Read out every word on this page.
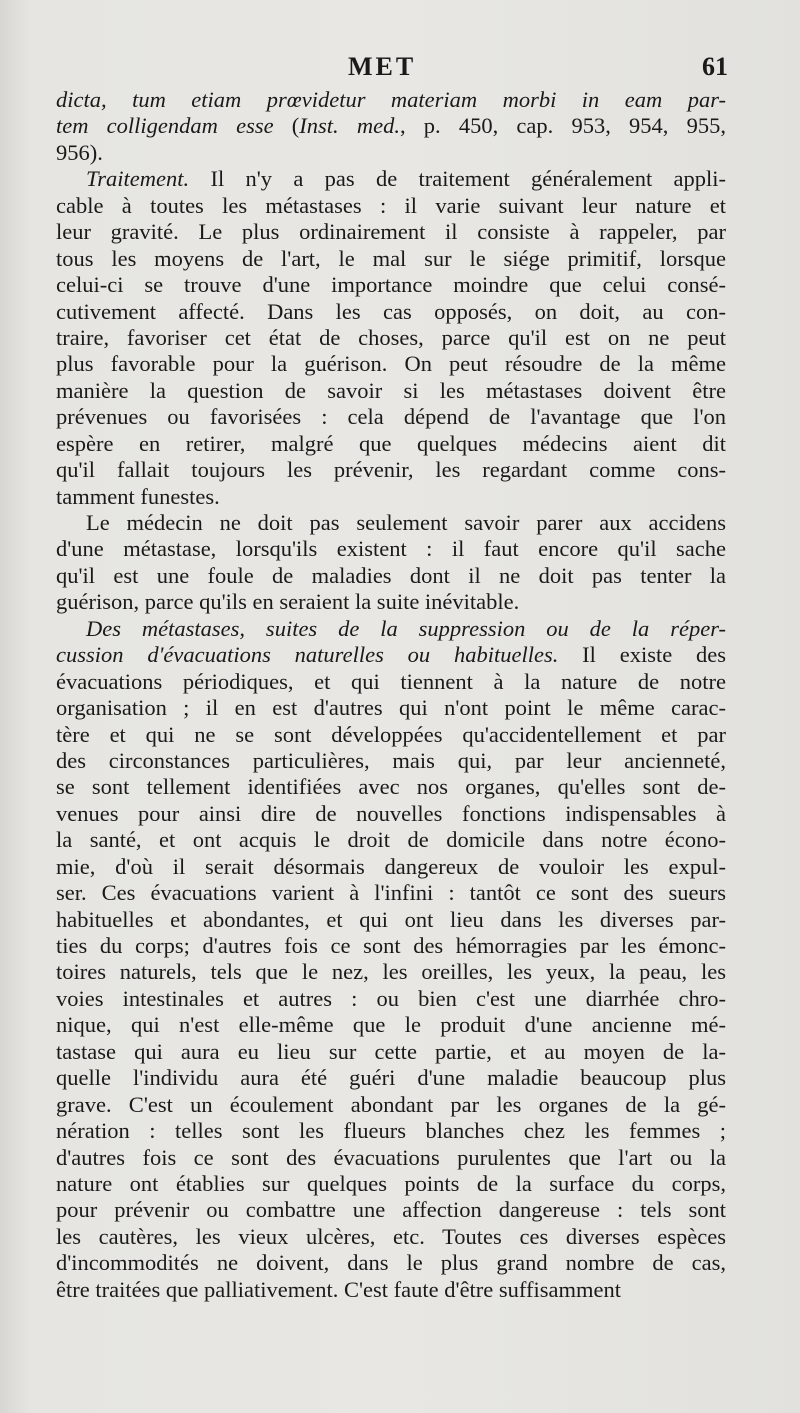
MET	61
dicta, tum etiam prœvidetur materiam morbi in eam par-
tem colligendam esse (Inst. med., p. 450, cap. 953, 954, 955,
956).
Traitement. Il n'y a pas de traitement généralement appli-
cable à toutes les métastases : il varie suivant leur nature et
leur gravité. Le plus ordinairement il consiste à rappeler, par
tous les moyens de l'art, le mal sur le siége primitif, lorsque
celui-ci se trouve d'une importance moindre que celui consé-
cutivement affecté. Dans les cas opposés, on doit, au con-
traire, favoriser cet état de choses, parce qu'il est on ne peut
plus favorable pour la guérison. On peut résoudre de la même
manière la question de savoir si les métastases doivent être
prévenues ou favorisées : cela dépend de l'avantage que l'on
espère en retirer, malgré que quelques médecins aient dit
qu'il fallait toujours les prévenir, les regardant comme cons-
tamment funestes.
Le médecin ne doit pas seulement savoir parer aux accidens
d'une métastase, lorsqu'ils existent : il faut encore qu'il sache
qu'il est une foule de maladies dont il ne doit pas tenter la
guérison, parce qu'ils en seraient la suite inévitable.
Des métastases, suites de la suppression ou de la réper-
cussion d'évacuations naturelles ou habituelles. Il existe des
évacuations périodiques, et qui tiennent à la nature de notre
organisation ; il en est d'autres qui n'ont point le même carac-
tère et qui ne se sont développées qu'accidentellement et par
des circonstances particulières, mais qui, par leur ancienneté,
se sont tellement identifiées avec nos organes, qu'elles sont de-
venues pour ainsi dire de nouvelles fonctions indispensables à
la santé, et ont acquis le droit de domicile dans notre écono-
mie, d'où il serait désormais dangereux de vouloir les expul-
ser. Ces évacuations varient à l'infini : tantôt ce sont des sueurs
habituelles et abondantes, et qui ont lieu dans les diverses par-
ties du corps; d'autres fois ce sont des hémorragies par les émonc-
toires naturels, tels que le nez, les oreilles, les yeux, la peau, les
voies intestinales et autres : ou bien c'est une diarrhée chro-
nique, qui n'est elle-même que le produit d'une ancienne mé-
tastase qui aura eu lieu sur cette partie, et au moyen de la-
quelle l'individu aura été guéri d'une maladie beaucoup plus
grave. C'est un écoulement abondant par les organes de la gé-
nération : telles sont les flueurs blanches chez les femmes ;
d'autres fois ce sont des évacuations purulentes que l'art ou la
nature ont établies sur quelques points de la surface du corps,
pour prévenir ou combattre une affection dangereuse : tels sont
les cautères, les vieux ulcères, etc. Toutes ces diverses espèces
d'incommodités ne doivent, dans le plus grand nombre de cas,
être traitées que palliativement. C'est faute d'être suffisamment
